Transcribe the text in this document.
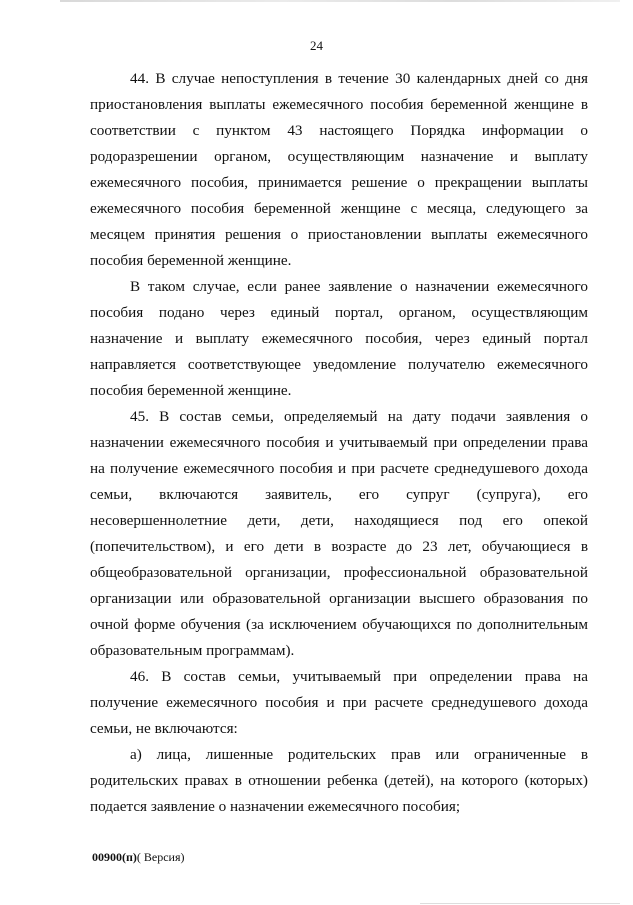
24

44. В случае непоступления в течение 30 календарных дней со дня приостановления выплаты ежемесячного пособия беременной женщине в соответствии с пунктом 43 настоящего Порядка информации о родоразрешении органом, осуществляющим назначение и выплату ежемесячного пособия, принимается решение о прекращении выплаты ежемесячного пособия беременной женщине с месяца, следующего за месяцем принятия решения о приостановлении выплаты ежемесячного пособия беременной женщине.

В таком случае, если ранее заявление о назначении ежемесячного пособия подано через единый портал, органом, осуществляющим назначение и выплату ежемесячного пособия, через единый портал направляется соответствующее уведомление получателю ежемесячного пособия беременной женщине.

45. В состав семьи, определяемый на дату подачи заявления о назначении ежемесячного пособия и учитываемый при определении права на получение ежемесячного пособия и при расчете среднедушевого дохода семьи, включаются заявитель, его супруг (супруга), его несовершеннолетние дети, дети, находящиеся под его опекой (попечительством), и его дети в возрасте до 23 лет, обучающиеся в общеобразовательной организации, профессиональной образовательной организации или образовательной организации высшего образования по очной форме обучения (за исключением обучающихся по дополнительным образовательным программам).

46. В состав семьи, учитываемый при определении права на получение ежемесячного пособия и при расчете среднедушевого дохода семьи, не включаются:

а) лица, лишенные родительских прав или ограниченные в родительских правах в отношении ребенка (детей), на которого (которых) подается заявление о назначении ежемесячного пособия;

00900(п)( Версия)
